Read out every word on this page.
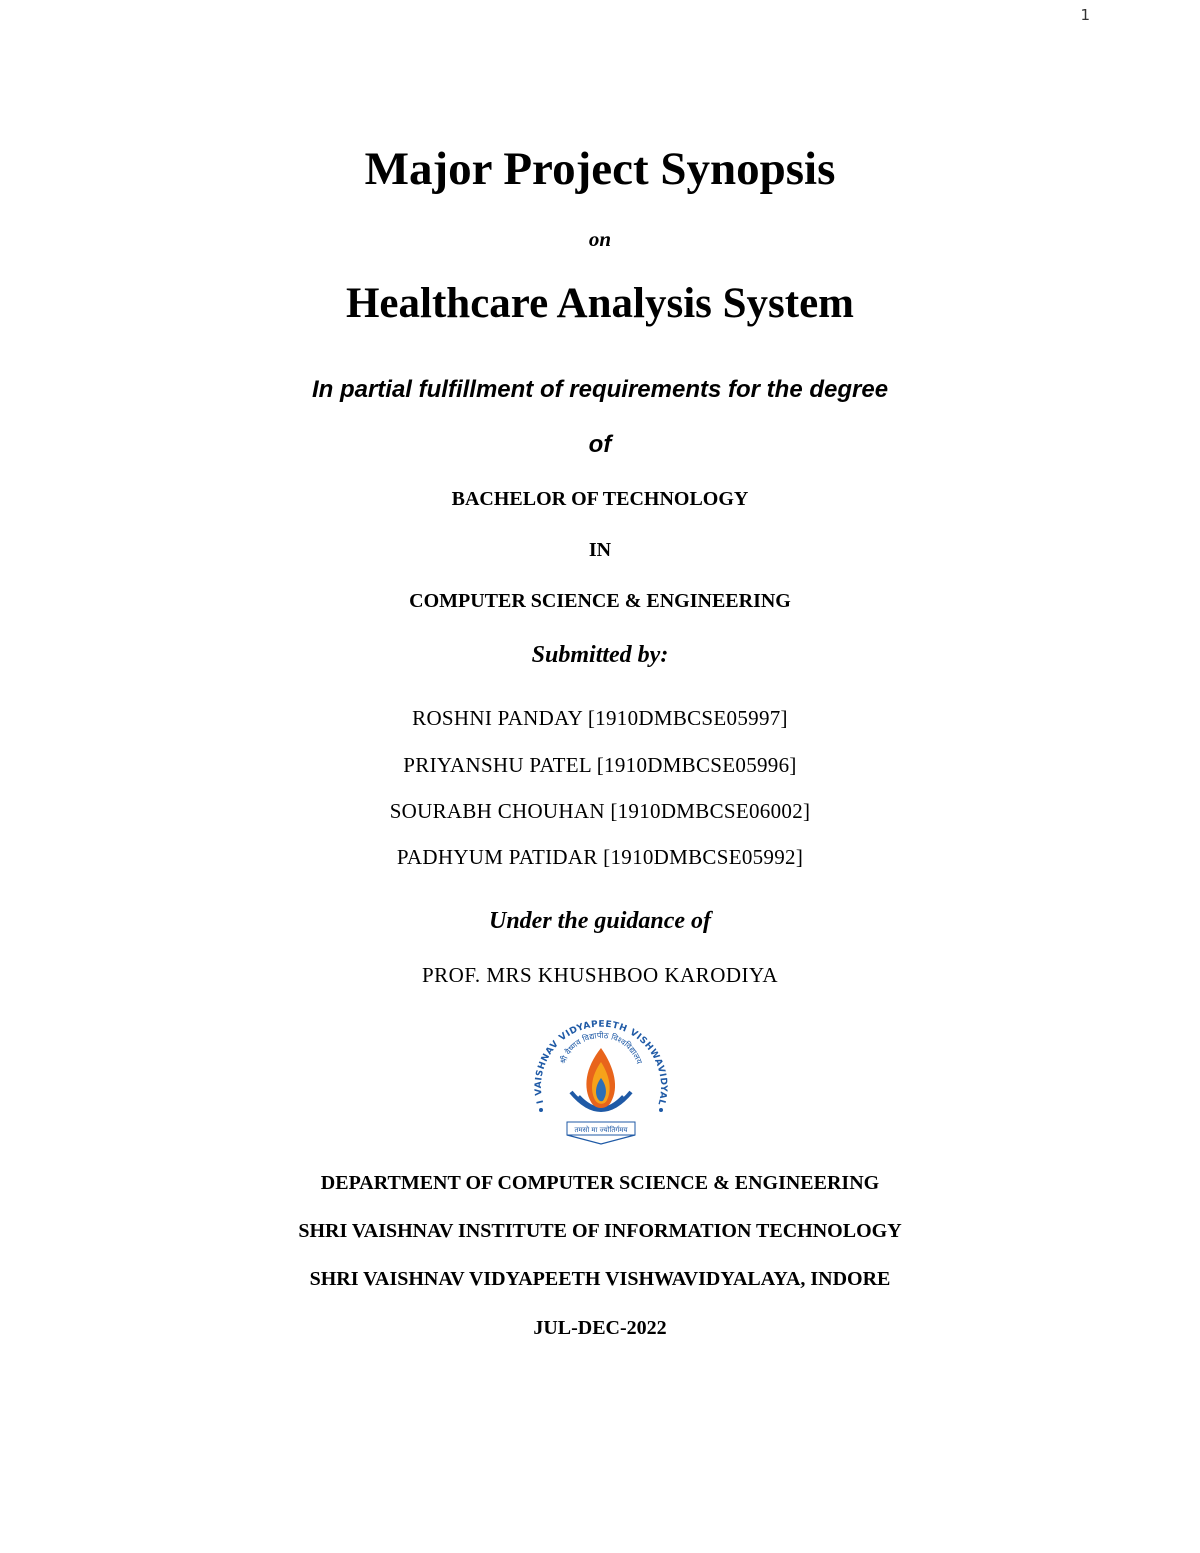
1
Major Project Synopsis
on
Healthcare Analysis System
In partial fulfillment of requirements for the degree
of
BACHELOR OF TECHNOLOGY
IN
COMPUTER SCIENCE & ENGINEERING
Submitted by:
ROSHNI PANDAY [1910DMBCSE05997]
PRIYANSHU PATEL [1910DMBCSE05996]
SOURABH CHOUHAN [1910DMBCSE06002]
PADHYUM PATIDAR [1910DMBCSE05992]
Under the guidance of
PROF. MRS KHUSHBOO KARODIYA
I VAISHNAV VIDYAPEETH VISHWAVIDYAL
श्री वैष्णव विद्यापीठ विश्वविद्यालय
तमसो मा ज्योतिर्गमय
DEPARTMENT OF COMPUTER SCIENCE & ENGINEERING
SHRI VAISHNAV INSTITUTE OF INFORMATION TECHNOLOGY
SHRI VAISHNAV VIDYAPEETH VISHWAVIDYALAYA, INDORE
JUL-DEC-2022
